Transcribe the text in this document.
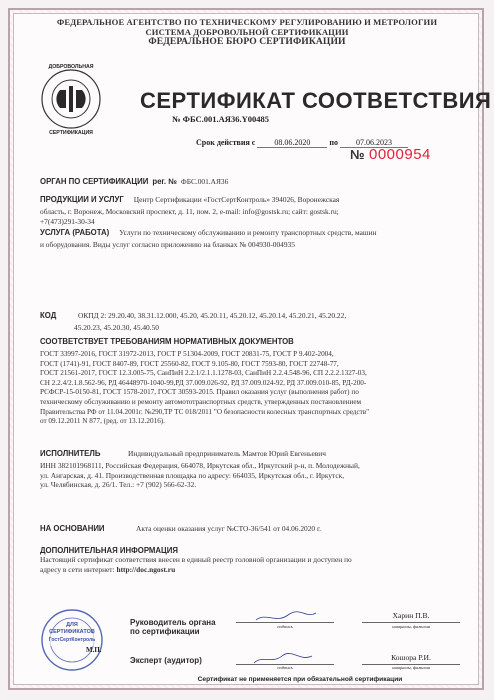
ФЕДЕРАЛЬНОЕ АГЕНТСТВО ПО ТЕХНИЧЕСКОМУ РЕГУЛИРОВАНИЮ И МЕТРОЛОГИИ
СИСТЕМА ДОБРОВОЛЬНОЙ СЕРТИФИКАЦИИ
ФЕДЕРАЛЬНОЕ БЮРО СЕРТИФИКАЦИИ
ДОБРОВОЛЬНАЯ
СЕРТИФИКАЦИЯ
СЕРТИФИКАТ СООТВЕТСТВИЯ
№ ФБС.001.АЯ36.Y00485
Срок действия с 08.06.2020 по 07.06.2023
№ 0000954
ОРГАН ПО СЕРТИФИКАЦИИ рег. № ФБС.001.АЯ36
ПРОДУКЦИИ И УСЛУГ Центр Сертификации «ГостСертКонтроль» 394026, Воронежская
область, г. Воронеж, Московский проспект, д. 11, пом. 2, e-mail: info@gostsk.ru; сайт: gostsk.ru;
+7(473)291-30-34
УСЛУГА (РАБОТА) Услуги по техническому обслуживанию и ремонту транспортных средств, машин
и оборудования. Виды услуг согласно приложению на бланках № 004930-004935
КОД	ОКПД 2: 29.20.40, 38.31.12.000, 45.20, 45.20.11, 45.20.12, 45.20.14, 45.20.21, 45.20.22,
45.20.23, 45.20.30, 45.40.50
СООТВЕТСТВУЕТ ТРЕБОВАНИЯМ НОРМАТИВНЫХ ДОКУМЕНТОВ
ГОСТ 33997-2016, ГОСТ 31972-2013, ГОСТ Р 51304-2009, ГОСТ 20831-75, ГОСТ Р 9.402-2004,
ГОСТ (1741)-91, ГОСТ 8407-89, ГОСТ 25560-82, ГОСТ 9.105-80, ГОСТ 7593-80, ГОСТ 22748-77,
ГОСТ 21561-2017, ГОСТ 12.3.005-75, СанПиН 2.2.1/2.1.1.1278-03, СанПиН 2.2.4.548-96, СП 2.2.2.1327-03,
СН 2.2.4/2.1.8.562-96, РД 46448970-1040-99,РД 37.009.026-92, РД 37.009.024-92, РД 37.009.010-85, РД-200-
РСФСР-15-0150-81, ГОСТ 1578-2017, ГОСТ 30593-2015. Правил оказания услуг (выполнения работ) по
техническому обслуживанию и ремонту автомототранспортных средств, утвержденных постановлением
Правительства РФ от 11.04.2001г. №290,ТР ТС 018/2011 "О безопасности колесных транспортных средств"
от 09.12.2011 N 877, (ред. от 13.12.2016).
ИСПОЛНИТЕЛЬ	Индивидуальный предприниматель Мамтов Юрий Евгеньевич
ИНН 382101968111, Российская Федерация, 664078, Иркутская обл., Иркутский р-н, п. Молодежный,
ул. Ангарская, д. 41. Производственная площадка по адресу: 664035, Иркутская обл., г. Иркутск,
ул. Челябинская, д. 26/1. Тел.: +7 (902) 566-62-32.
НА ОСНОВАНИИ	Акта оценки оказания услуг №СТО-36/541 от 04.06.2020 г.
ДОПОЛНИТЕЛЬНАЯ ИНФОРМАЦИЯ
Настоящий сертификат соответствия внесен в единый реестр головной организации и доступен по
адресу в сети интернет: http://doc.ngost.ru
ДЛЯ
СЕРТИФИКАТОВ
ГостСертКонтроль
Руководитель органа
по сертификации
подпись
Харин П.В.
инициалы, фамилия
М.П.
Эксперт (аудитор)
подпись
Кошора Р.И.
инициалы, фамилия
Сертификат не применяется при обязательной сертификации
